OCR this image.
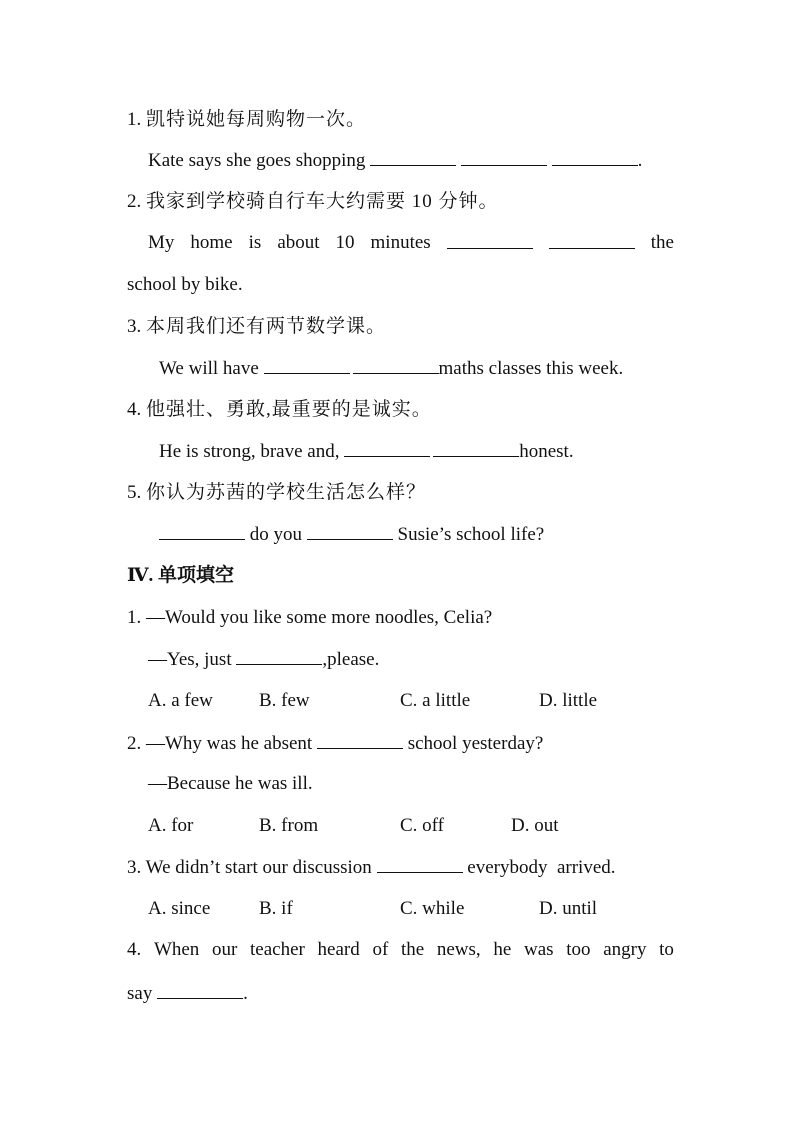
1. 凯特说她每周购物一次。
Kate says she goes shopping	.
2. 我家到学校骑自行车大约需要 10 分钟。
My home is about 10 minutes	the
school by bike.
3. 本周我们还有两节数学课。
We will have	maths classes this week.
4. 他强壮、勇敢,最重要的是诚实。
He is strong, brave and,	honest.
5. 你认为苏茜的学校生活怎么样？
do you	Susie’s school life?
Ⅳ. 单项填空
1. —Would you like some more noodles, Celia?
—Yes, just	,please.
A. a few B. few	C. a little	D. little
2. —Why was he absent	school yesterday?
—Because he was ill.
A. for	B. from	C. off	D. out
3. We didn’t start our discussion	everybody  arrived.
A. since	B. if	C. while	D. until
4. When our teacher heard of the news, he was too angry to
say	.
